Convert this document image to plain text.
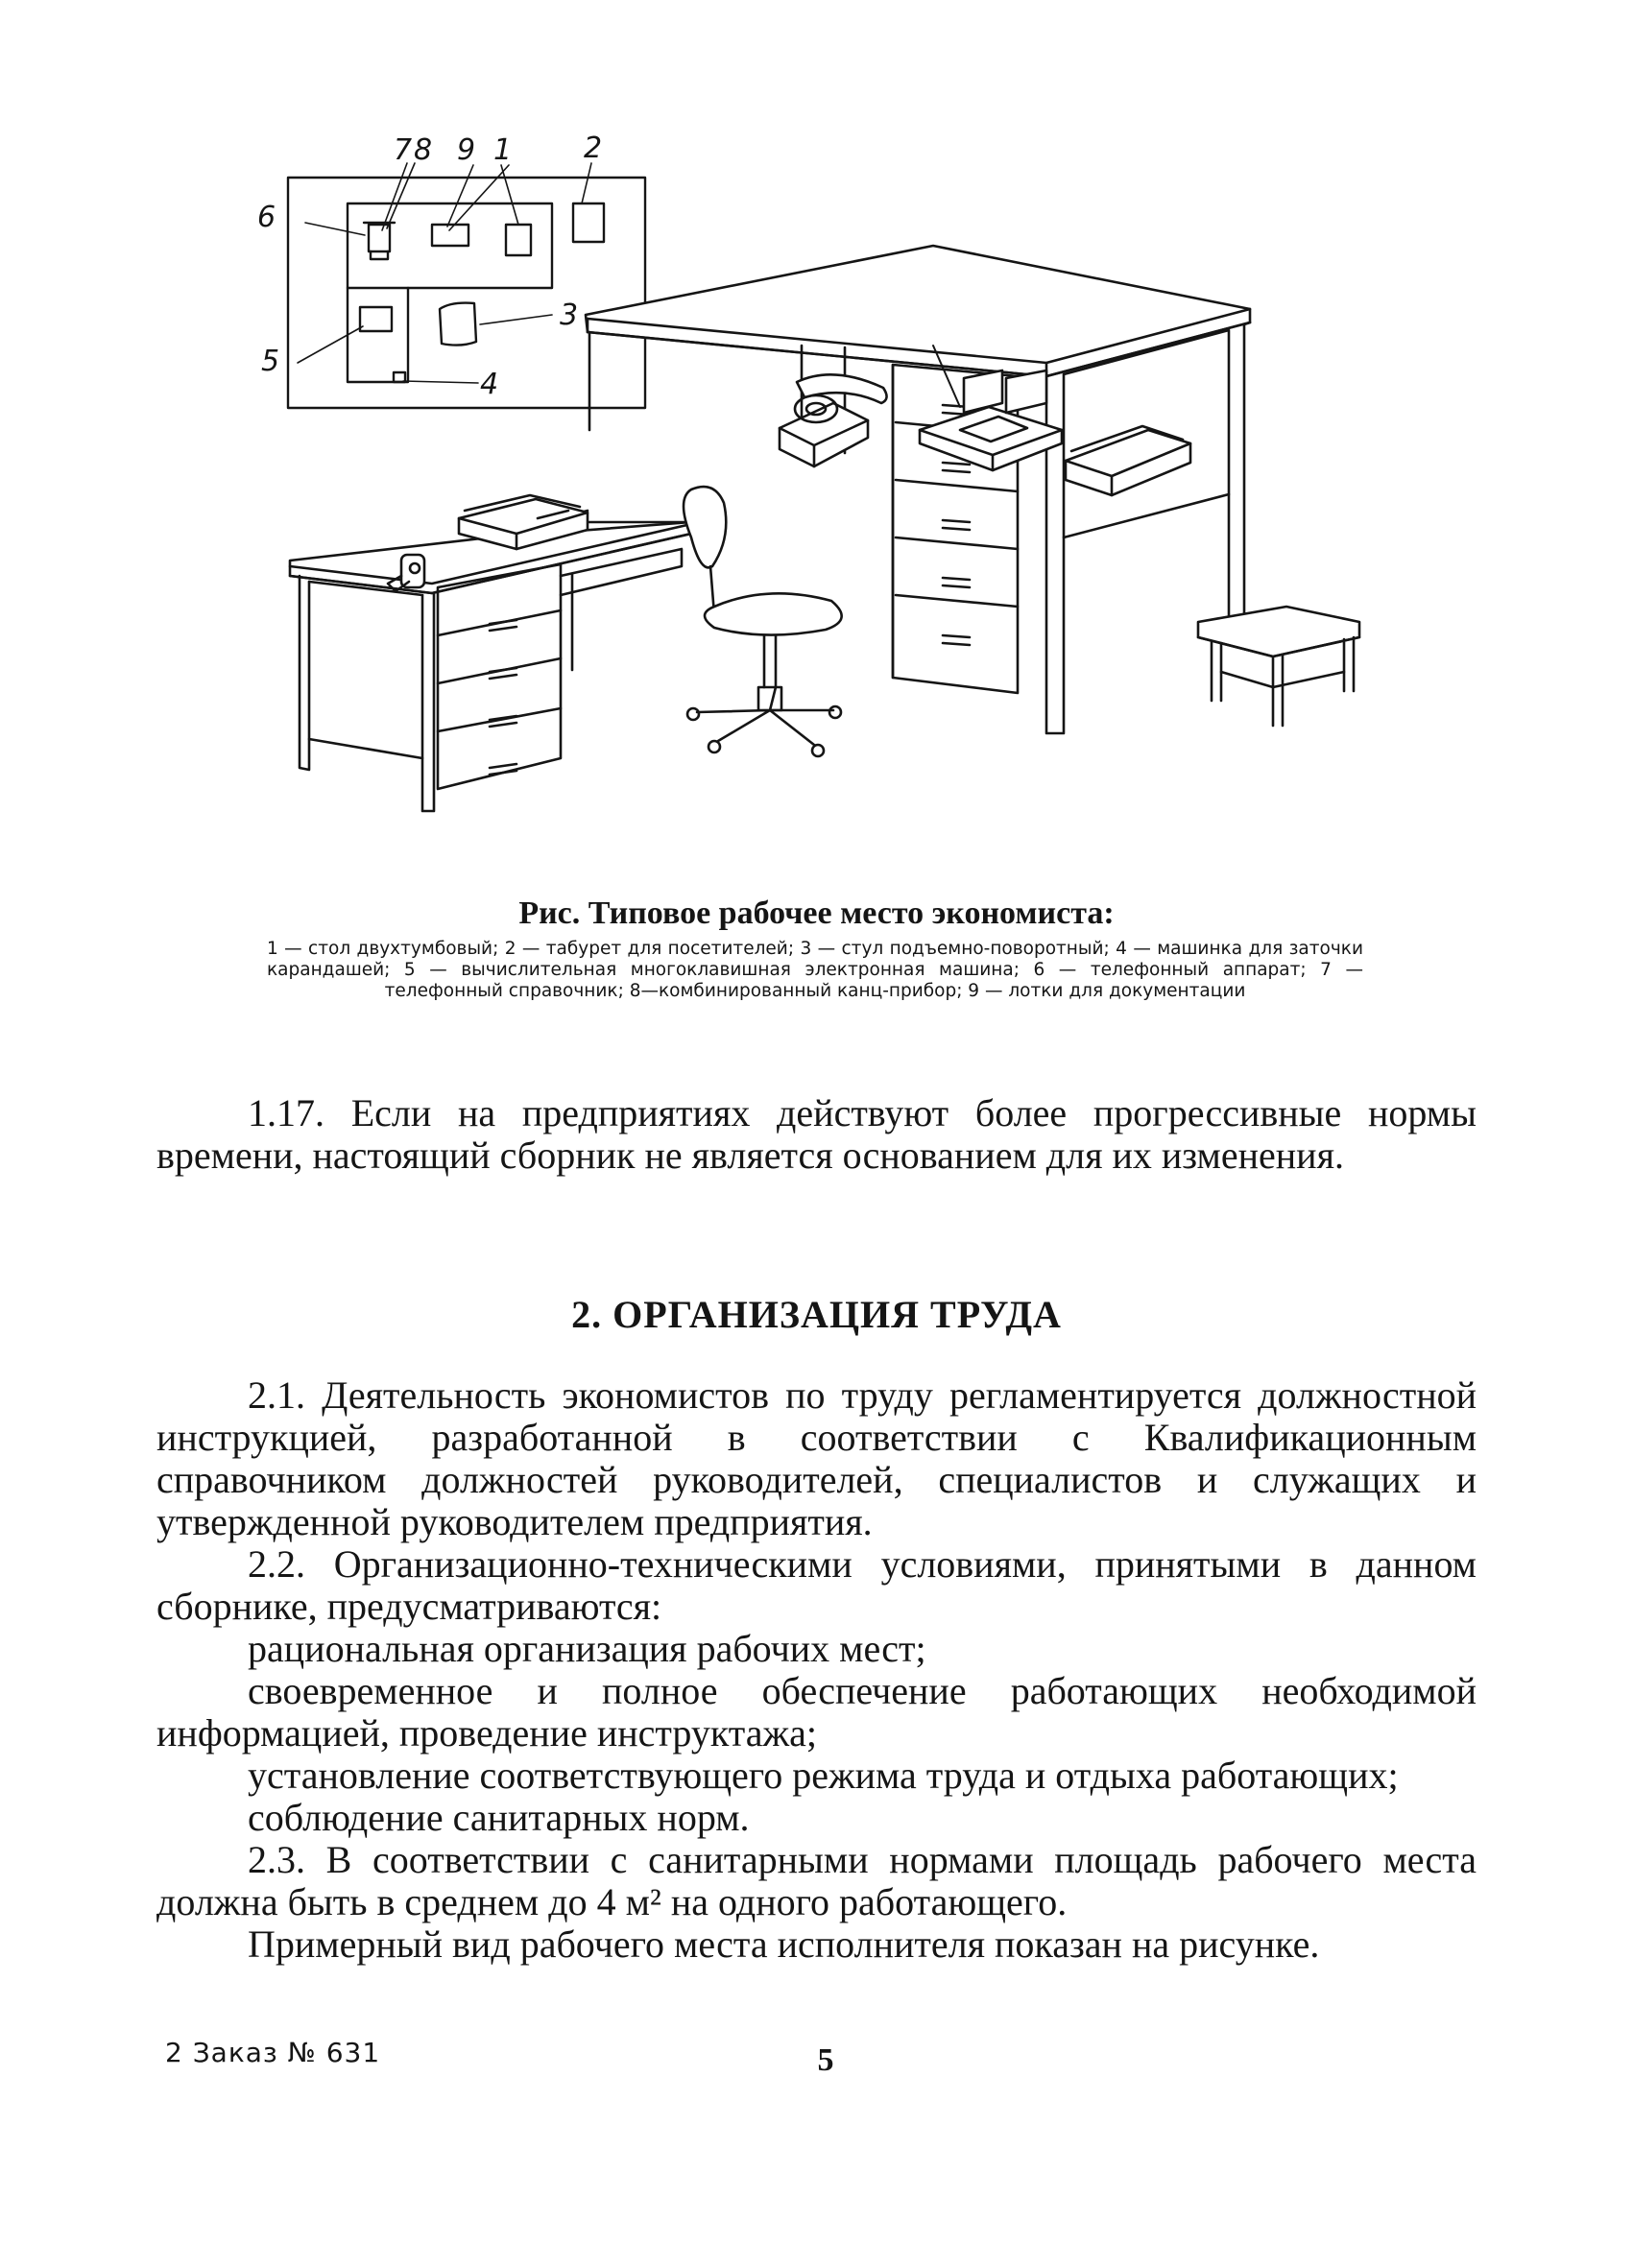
7 8 9 1 2
6
3
5
4
Рис. Типовое рабочее место экономиста:
1 — стол двухтумбовый; 2 — табурет для посетителей; 3 — стул подъемно-поворотный; 4 — машинка для заточки карандашей; 5 — вычислительная многоклавишная электронная машина; 6 — телефонный аппарат; 7 — телефонный справочник; 8—комбинированный канц-прибор; 9 — лотки для документации

1.17. Если на предприятиях действуют более прогрессивные нормы времени, настоящий сборник не является основанием для их изменения.

2. ОРГАНИЗАЦИЯ ТРУДА

2.1. Деятельность экономистов по труду регламентируется должностной инструкцией, разработанной в соответствии с Квалификационным справочником должностей руководителей, специалистов и служащих и утвержденной руководителем предприятия.

2.2. Организационно-техническими условиями, принятыми в данном сборнике, предусматриваются:

рациональная организация рабочих мест;

своевременное и полное обеспечение работающих необходимой информацией, проведение инструктажа;

установление соответствующего режима труда и отдыха работающих;

соблюдение санитарных норм.

2.3. В соответствии с санитарными нормами площадь рабочего места должна быть в среднем до 4 м² на одного работающего.

Примерный вид рабочего места исполнителя показан на рисунке.

2 Заказ № 631	5
